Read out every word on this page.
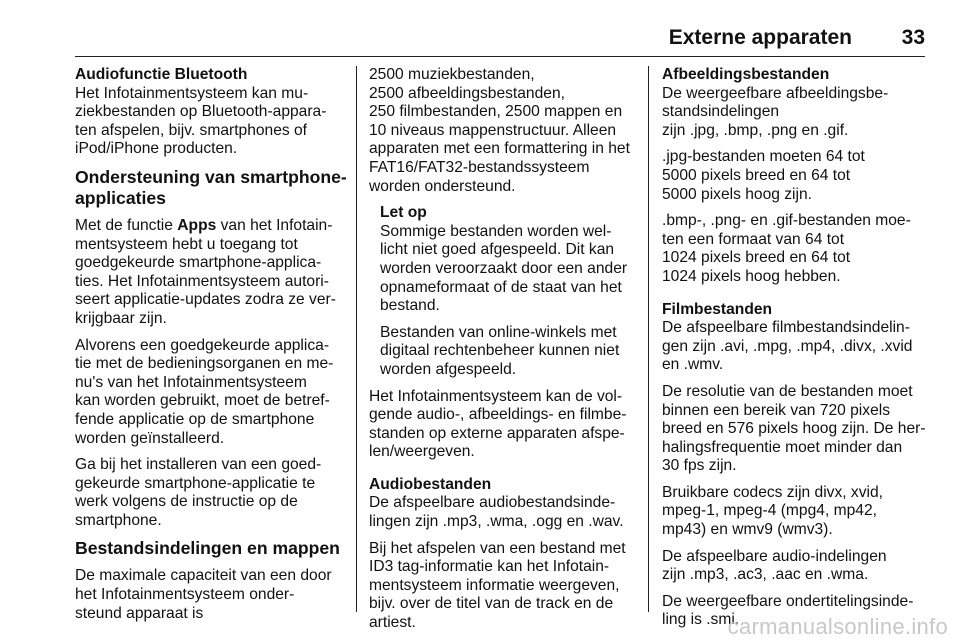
Externe apparaten 33
Audiofunctie Bluetooth
Het Infotainmentsysteem kan mu-
ziekbestanden op Bluetooth-appara-
ten afspelen, bijv. smartphones of
iPod/iPhone producten.
Ondersteuning van smartphone-
applicaties
Met de functie Apps van het Infotain-
mentsysteem hebt u toegang tot
goedgekeurde smartphone-applica-
ties. Het Infotainmentsysteem autori-
seert applicatie-updates zodra ze ver-
krijgbaar zijn.
Alvorens een goedgekeurde applica-
tie met de bedieningsorganen en me-
nu's van het Infotainmentsysteem
kan worden gebruikt, moet de betref-
fende applicatie op de smartphone
worden geïnstalleerd.
Ga bij het installeren van een goed-
gekeurde smartphone-applicatie te
werk volgens de instructie op de
smartphone.
Bestandsindelingen en mappen
De maximale capaciteit van een door
het Infotainmentsysteem onder-
steund apparaat is
2500 muziekbestanden,
2500 afbeeldingsbestanden,
250 filmbestanden, 2500 mappen en
10 niveaus mappenstructuur. Alleen
apparaten met een formattering in het
FAT16/FAT32-bestandssysteem
worden ondersteund.
Let op
Sommige bestanden worden wel-
licht niet goed afgespeeld. Dit kan
worden veroorzaakt door een ander
opnameformaat of de staat van het
bestand.
Bestanden van online-winkels met
digitaal rechtenbeheer kunnen niet
worden afgespeeld.
Het Infotainmentsysteem kan de vol-
gende audio-, afbeeldings- en filmbe-
standen op externe apparaten afspe-
len/weergeven.
Audiobestanden
De afspeelbare audiobestandsinde-
lingen zijn .mp3, .wma, .ogg en .wav.
Bij het afspelen van een bestand met
ID3 tag-informatie kan het Infotain-
mentsysteem informatie weergeven,
bijv. over de titel van de track en de
artiest.
Afbeeldingsbestanden
De weergeefbare afbeeldingsbe-
standsindelingen
zijn .jpg, .bmp, .png en .gif.
.jpg-bestanden moeten 64 tot
5000 pixels breed en 64 tot
5000 pixels hoog zijn.
.bmp-, .png- en .gif-bestanden moe-
ten een formaat van 64 tot
1024 pixels breed en 64 tot
1024 pixels hoog hebben.
Filmbestanden
De afspeelbare filmbestandsindelin-
gen zijn .avi, .mpg, .mp4, .divx, .xvid
en .wmv.
De resolutie van de bestanden moet
binnen een bereik van 720 pixels
breed en 576 pixels hoog zijn. De her-
halingsfrequentie moet minder dan
30 fps zijn.
Bruikbare codecs zijn divx, xvid,
mpeg-1, mpeg-4 (mpg4, mp42,
mp43) en wmv9 (wmv3).
De afspeelbare audio-indelingen
zijn .mp3, .ac3, .aac en .wma.
De weergeefbare ondertitelingsinde-
ling is .smi.
carmanualsonline.info
